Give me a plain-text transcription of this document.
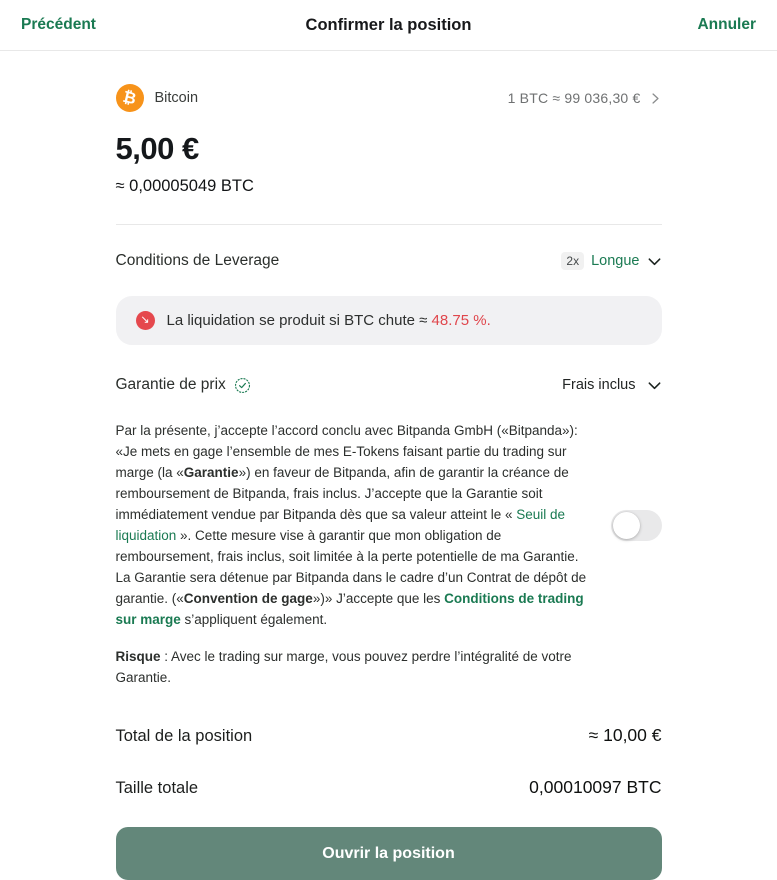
Précédent	Confirmer la position	Annuler
₿ Bitcoin	1 BTC ≈ 99 036,30 €
5,00 €
≈ 0,00005049 BTC
Conditions de Leverage	2x Longue
↘	La liquidation se produit si BTC chute ≈ 48.75 %.
Garantie de prix	Frais inclus

Par la présente, j’accepte l’accord conclu avec Bitpanda GmbH («Bitpanda»): «Je mets en gage l’ensemble de mes E‑Tokens faisant partie du trading sur marge (la «Garantie») en faveur de Bitpanda, afin de garantir la créance de remboursement de Bitpanda, frais inclus. J’accepte que la Garantie soit immédiatement vendue par Bitpanda dès que sa valeur atteint le « Seuil de liquidation ». Cette mesure vise à garantir que mon obligation de remboursement, frais inclus, soit limitée à la perte potentielle de ma Garantie. La Garantie sera détenue par Bitpanda dans le cadre d’un Contrat de dépôt de garantie. («Convention de gage»)» J’accepte que les Conditions de trading sur marge s’appliquent également.

Risque : Avec le trading sur marge, vous pouvez perdre l’intégralité de votre Garantie.

Total de la position	≈ 10,00 €
Taille totale	0,00010097 BTC
Ouvrir la position
